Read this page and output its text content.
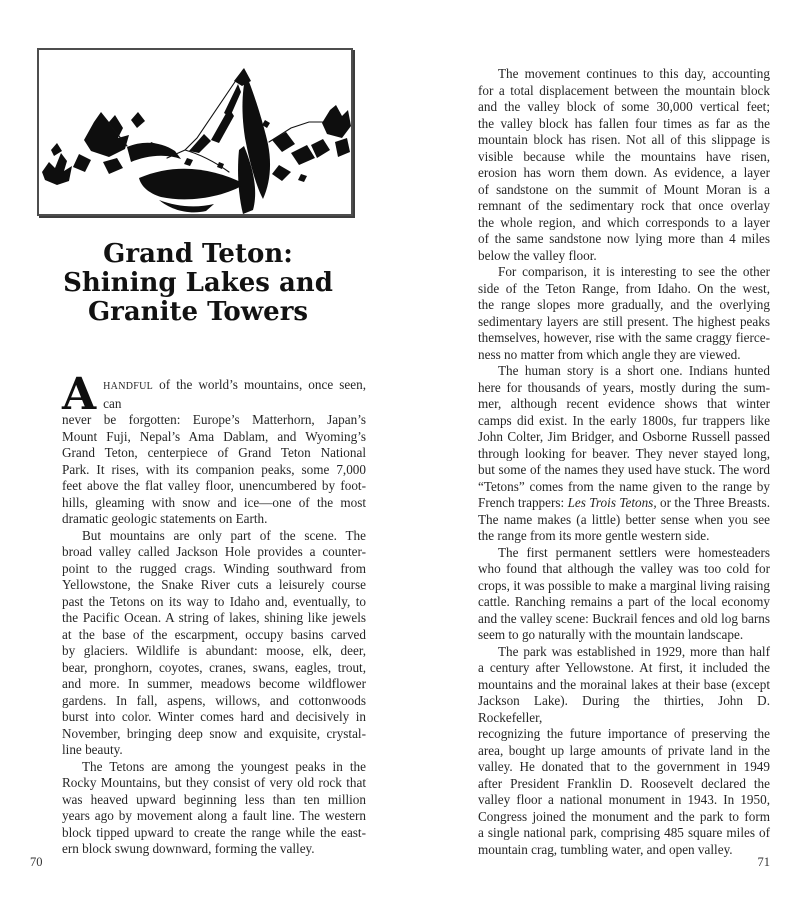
Grand Teton:
Shining Lakes and
Granite Towers
A HANDFUL of the world’s mountains, once seen, can
never be forgotten: Europe’s Matterhorn, Japan’s
Mount Fuji, Nepal’s Ama Dablam, and Wyoming’s
Grand Teton, centerpiece of Grand Teton National
Park. It rises, with its companion peaks, some 7,000
feet above the flat valley floor, unencumbered by foot-
hills, gleaming with snow and ice—one of the most
dramatic geologic statements on Earth.
But mountains are only part of the scene. The
broad valley called Jackson Hole provides a counter-
point to the rugged crags. Winding southward from
Yellowstone, the Snake River cuts a leisurely course
past the Tetons on its way to Idaho and, eventually, to
the Pacific Ocean. A string of lakes, shining like jewels
at the base of the escarpment, occupy basins carved
by glaciers. Wildlife is abundant: moose, elk, deer,
bear, pronghorn, coyotes, cranes, swans, eagles, trout,
and more. In summer, meadows become wildflower
gardens. In fall, aspens, willows, and cottonwoods
burst into color. Winter comes hard and decisively in
November, bringing deep snow and exquisite, crystal-
line beauty.
The Tetons are among the youngest peaks in the
Rocky Mountains, but they consist of very old rock that
was heaved upward beginning less than ten million
years ago by movement along a fault line. The western
block tipped upward to create the range while the east-
ern block swung downward, forming the valley.
The movement continues to this day, accounting
for a total displacement between the mountain block
and the valley block of some 30,000 vertical feet;
the valley block has fallen four times as far as the
mountain block has risen. Not all of this slippage is
visible because while the mountains have risen,
erosion has worn them down. As evidence, a layer
of sandstone on the summit of Mount Moran is a
remnant of the sedimentary rock that once overlay
the whole region, and which corresponds to a layer
of the same sandstone now lying more than 4 miles
below the valley floor.
For comparison, it is interesting to see the other
side of the Teton Range, from Idaho. On the west,
the range slopes more gradually, and the overlying
sedimentary layers are still present. The highest peaks
themselves, however, rise with the same craggy fierce-
ness no matter from which angle they are viewed.
The human story is a short one. Indians hunted
here for thousands of years, mostly during the sum-
mer, although recent evidence shows that winter
camps did exist. In the early 1800s, fur trappers like
John Colter, Jim Bridger, and Osborne Russell passed
through looking for beaver. They never stayed long,
but some of the names they used have stuck. The word
“Tetons” comes from the name given to the range by
French trappers: Les Trois Tetons, or the Three Breasts.
The name makes (a little) better sense when you see
the range from its more gentle western side.
The first permanent settlers were homesteaders
who found that although the valley was too cold for
crops, it was possible to make a marginal living raising
cattle. Ranching remains a part of the local economy
and the valley scene: Buckrail fences and old log barns
seem to go naturally with the mountain landscape.
The park was established in 1929, more than half
a century after Yellowstone. At first, it included the
mountains and the morainal lakes at their base (except
Jackson Lake). During the thirties, John D. Rockefeller,
recognizing the future importance of preserving the
area, bought up large amounts of private land in the
valley. He donated that to the government in 1949
after President Franklin D. Roosevelt declared the
valley floor a national monument in 1943. In 1950,
Congress joined the monument and the park to form
a single national park, comprising 485 square miles of
mountain crag, tumbling water, and open valley.
70	71
